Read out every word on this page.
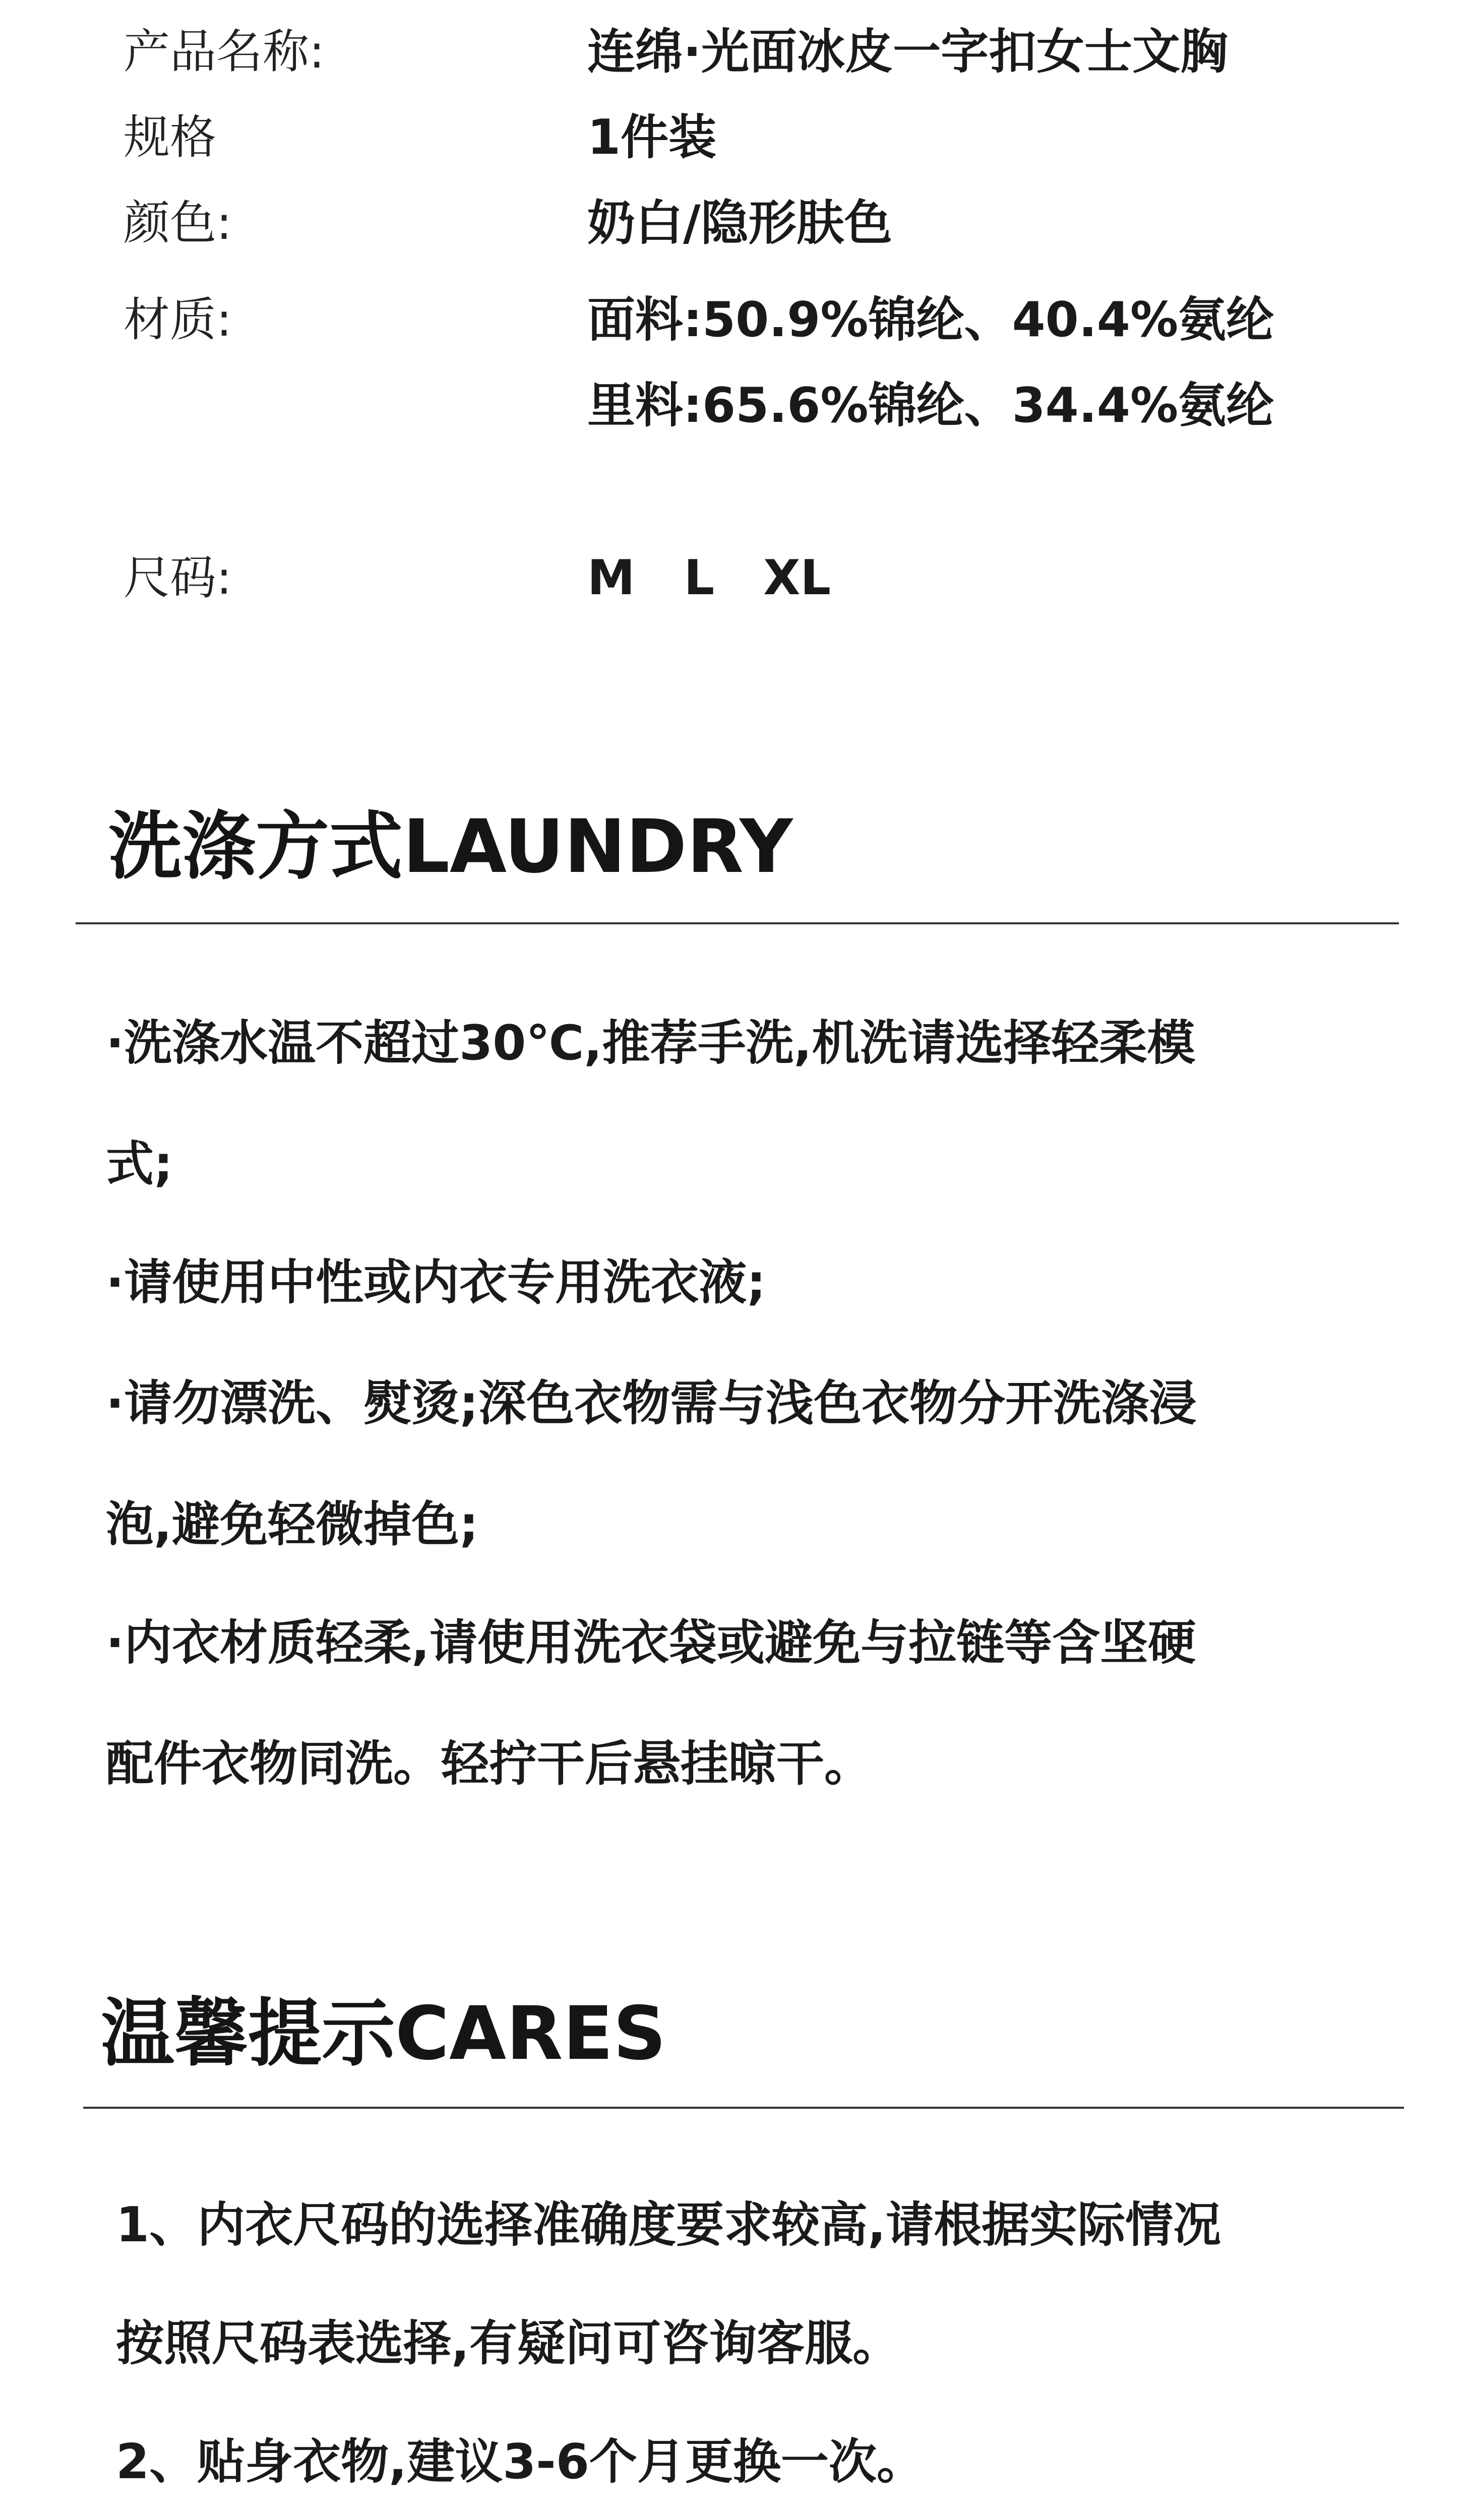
产品名称:	连绵·光面冰皮一字扣女士文胸
规格	1件装
颜色:	奶白/隐形肤色
材质:	面料:50.9%锦纶、40.4%氨纶
里料:65.6%锦纶、34.4%氨纶
尺码:	M L XL
洗涤方式LAUNDRY
·洗涤水温不超过30℃,推荐手洗,机洗请选择轻柔模
式;
·请使用中性或内衣专用洗衣液;
·请勿漂洗、熨烫;深色衣物需与浅色衣物分开洗涤浸
泡,避免轻微掉色;
·内衣材质轻柔,请使用洗衣袋或避免与拉链等含坚硬
配件衣物同洗。轻拧干后悬挂晾干。
温馨提示CARES
1、内衣尺码的选择准确度要求较高,请根据实际情况
按照尺码表选择,有疑问可咨询客服。
2、贴身衣物,建议3-6个月更换一次。
